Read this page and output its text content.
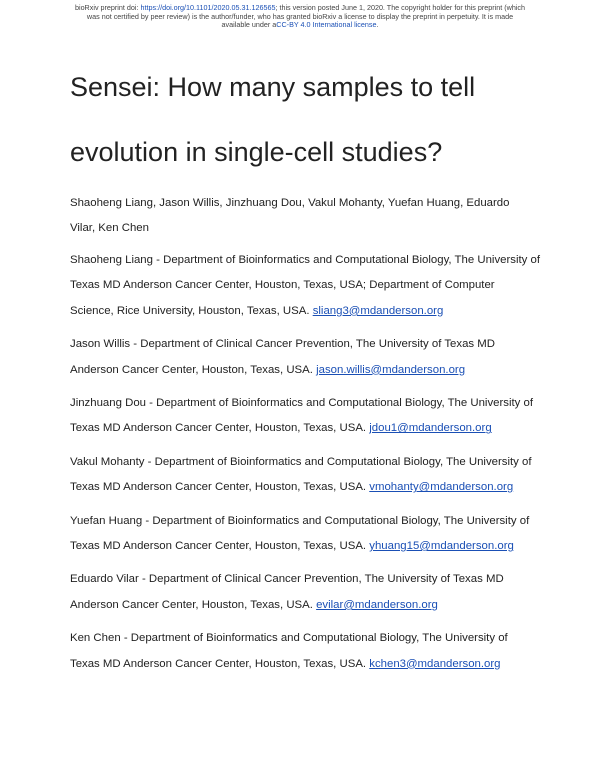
bioRxiv preprint doi: https://doi.org/10.1101/2020.05.31.126565; this version posted June 1, 2020. The copyright holder for this preprint (which
was not certified by peer review) is the author/funder, who has granted bioRxiv a license to display the preprint in perpetuity. It is made
available under aCC-BY 4.0 International license.
Sensei: How many samples to tell
evolution in single-cell studies?

Shaoheng Liang, Jason Willis, Jinzhuang Dou, Vakul Mohanty, Yuefan Huang, Eduardo Vilar, Ken Chen

Shaoheng Liang - Department of Bioinformatics and Computational Biology, The University of Texas MD Anderson Cancer Center, Houston, Texas, USA; Department of Computer Science, Rice University, Houston, Texas, USA. sliang3@mdanderson.org

Jason Willis - Department of Clinical Cancer Prevention, The University of Texas MD Anderson Cancer Center, Houston, Texas, USA. jason.willis@mdanderson.org

Jinzhuang Dou - Department of Bioinformatics and Computational Biology, The University of Texas MD Anderson Cancer Center, Houston, Texas, USA. jdou1@mdanderson.org

Vakul Mohanty - Department of Bioinformatics and Computational Biology, The University of Texas MD Anderson Cancer Center, Houston, Texas, USA. vmohanty@mdanderson.org

Yuefan Huang - Department of Bioinformatics and Computational Biology, The University of Texas MD Anderson Cancer Center, Houston, Texas, USA. yhuang15@mdanderson.org

Eduardo Vilar - Department of Clinical Cancer Prevention, The University of Texas MD Anderson Cancer Center, Houston, Texas, USA. evilar@mdanderson.org

Ken Chen - Department of Bioinformatics and Computational Biology, The University of Texas MD Anderson Cancer Center, Houston, Texas, USA. kchen3@mdanderson.org
